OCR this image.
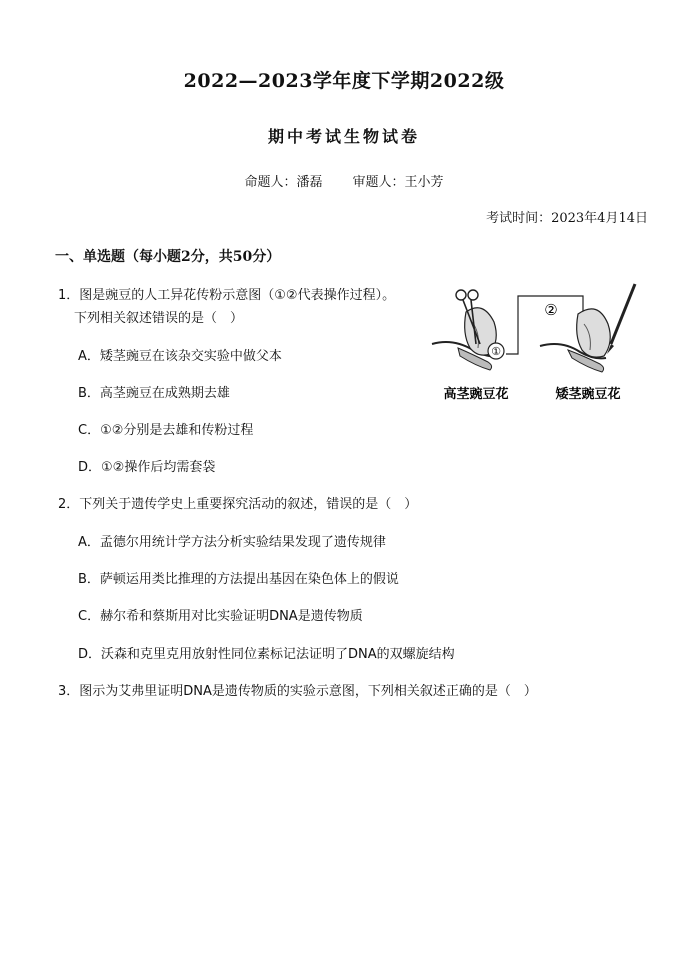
2022—2023学年度下学期2022级
期中考试生物试卷
命题人：潘磊 审题人：王小芳
考试时间：2023年4月14日
一、单选题（每小题2分，共50分）
1．图是豌豆的人工异花传粉示意图（①②代表操作过程）。
下列相关叙述错误的是（　）
A．矮茎豌豆在该杂交实验中做父本
B．高茎豌豆在成熟期去雄
C．①②分别是去雄和传粉过程
D．①②操作后均需套袋
①
②
高茎豌豆花	矮茎豌豆花
2．下列关于遗传学史上重要探究活动的叙述，错误的是（　）
A．孟德尔用统计学方法分析实验结果发现了遗传规律
B．萨顿运用类比推理的方法提出基因在染色体上的假说
C．赫尔希和蔡斯用对比实验证明DNA是遗传物质
D．沃森和克里克用放射性同位素标记法证明了DNA的双螺旋结构
3．图示为艾弗里证明DNA是遗传物质的实验示意图，下列相关叙述正确的是（　）
